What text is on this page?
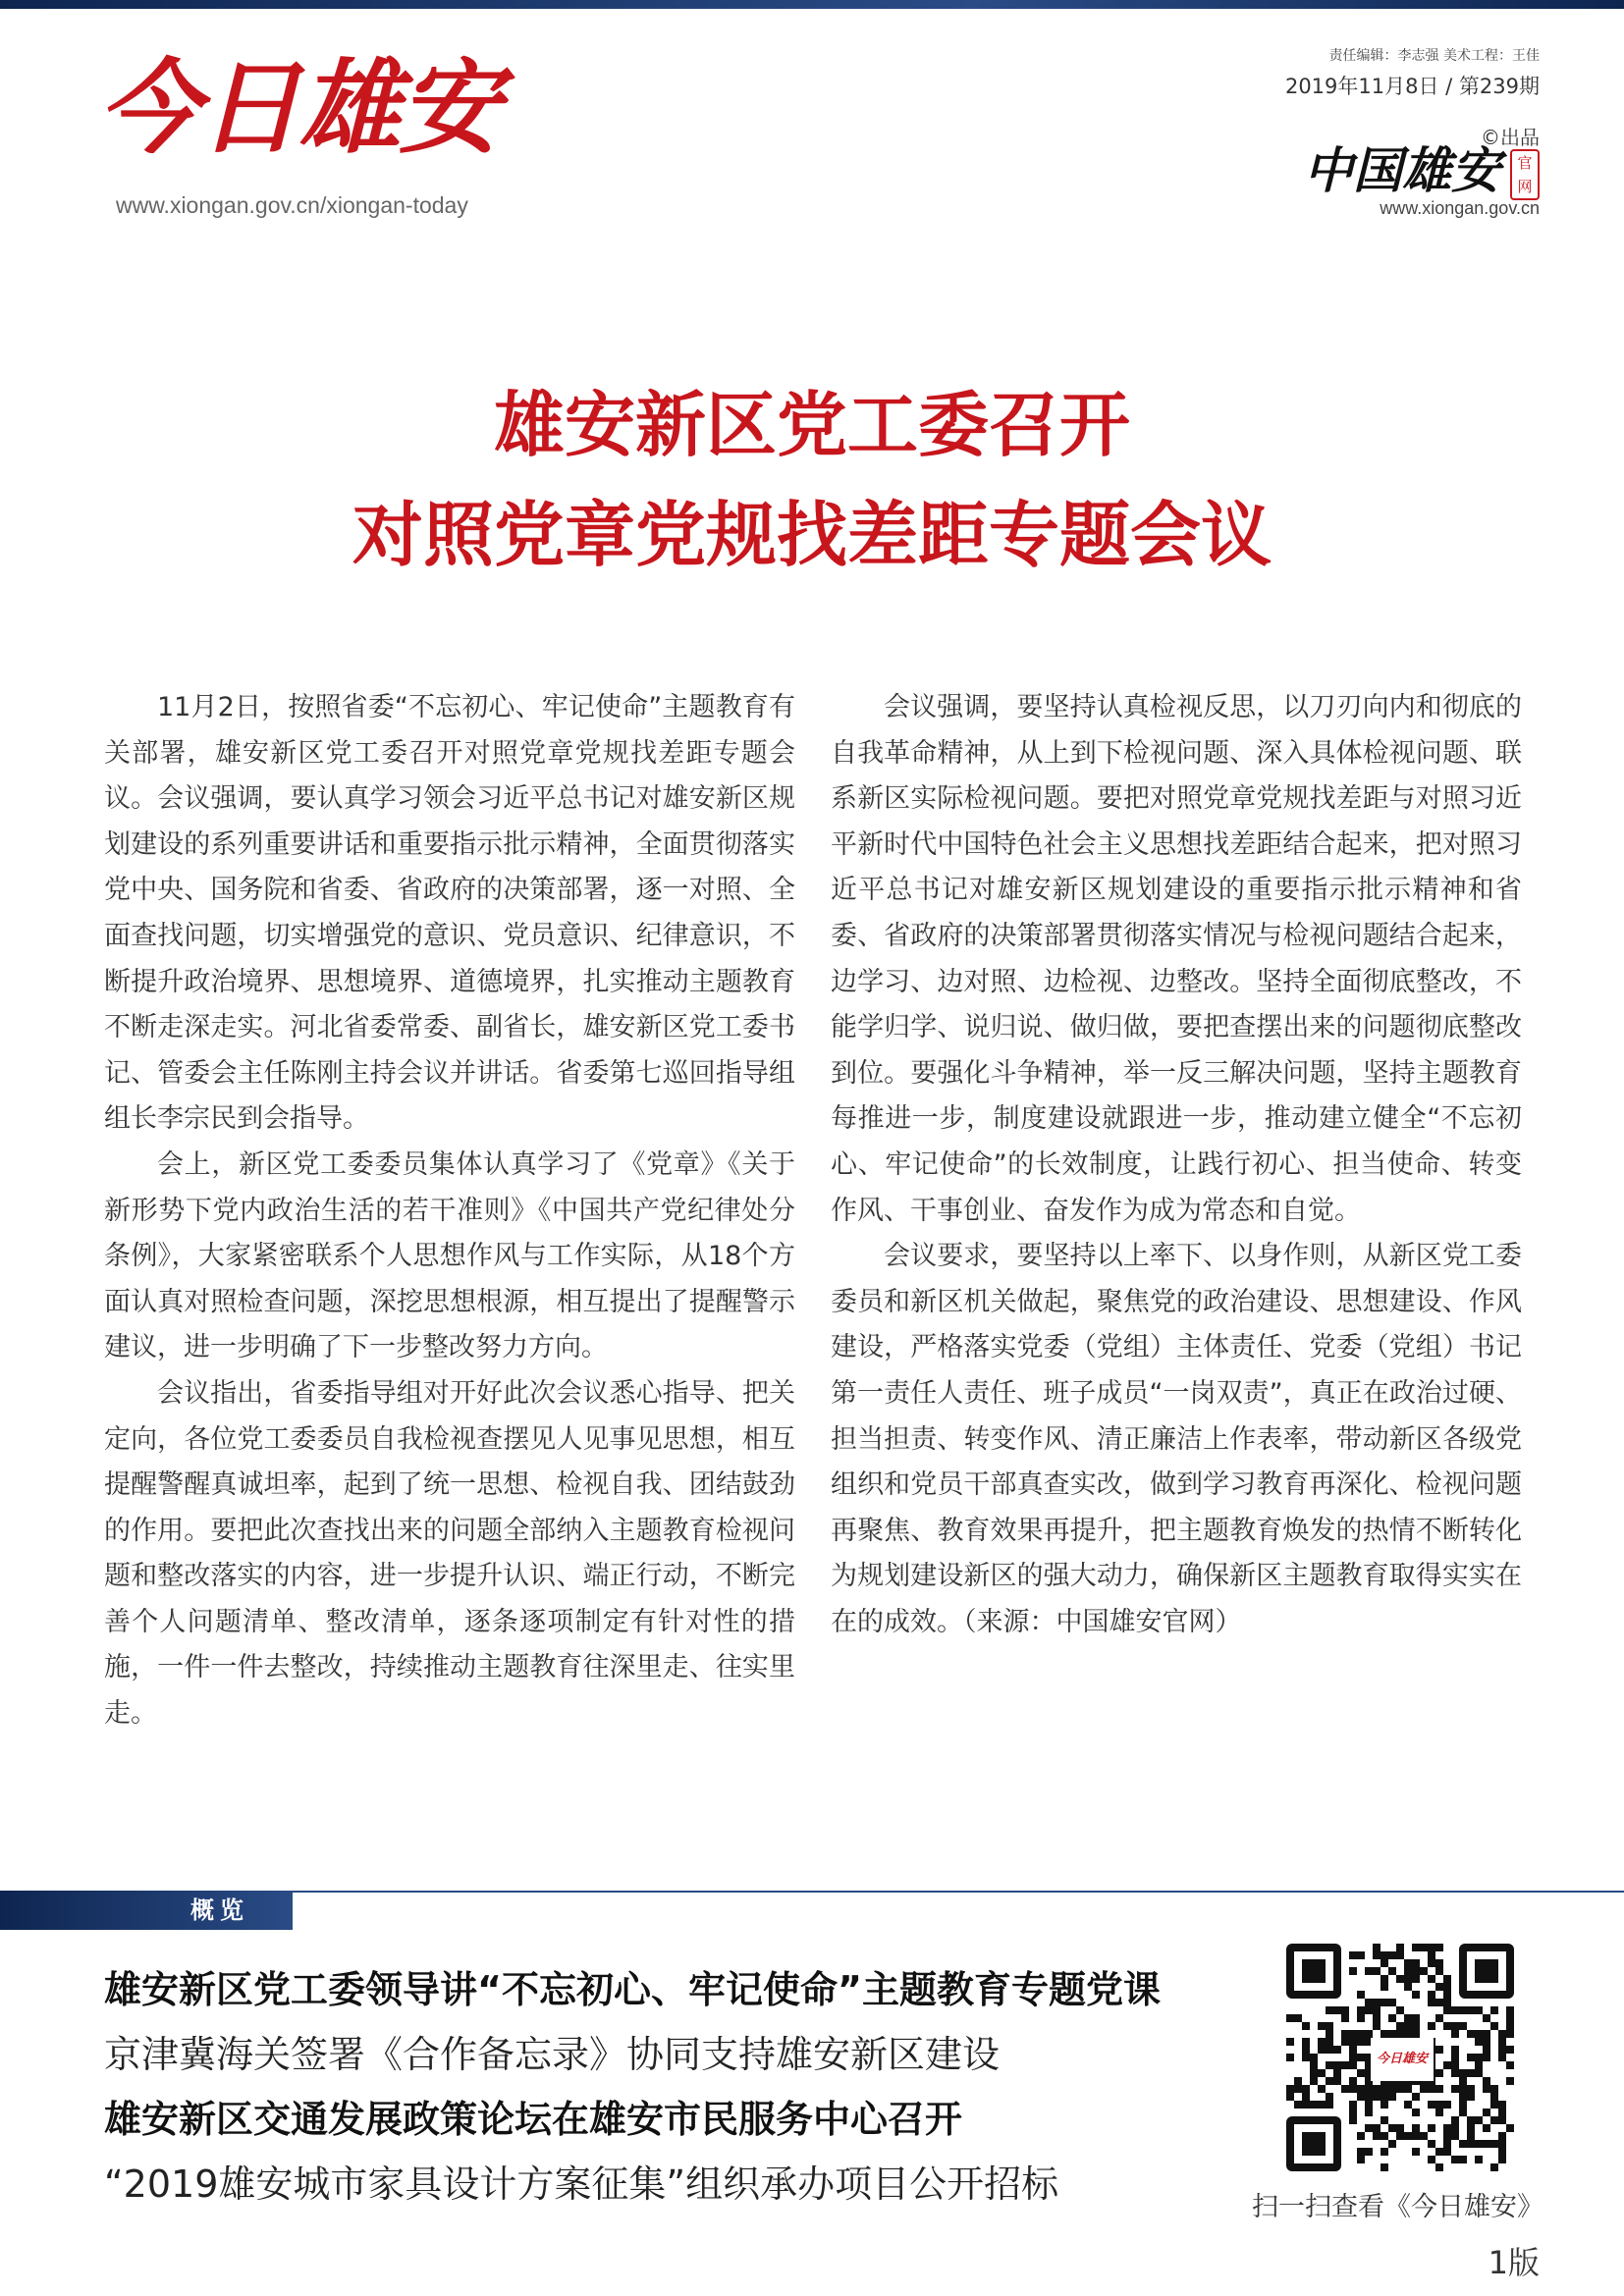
今日雄安
www.xiongan.gov.cn/xiongan-today
责任编辑：李志强 美术工程：王佳
2019年11月8日 / 第239期
©出品
中国雄安	官网
www.xiongan.gov.cn
雄安新区党工委召开
对照党章党规找差距专题会议

11月2日，按照省委“不忘初心、牢记使命”主题教育有关部署，雄安新区党工委召开对照党章党规找差距专题会议。会议强调，要认真学习领会习近平总书记对雄安新区规划建设的系列重要讲话和重要指示批示精神，全面贯彻落实党中央、国务院和省委、省政府的决策部署，逐一对照、全面查找问题，切实增强党的意识、党员意识、纪律意识，不断提升政治境界、思想境界、道德境界，扎实推动主题教育不断走深走实。河北省委常委、副省长，雄安新区党工委书记、管委会主任陈刚主持会议并讲话。省委第七巡回指导组组长李宗民到会指导。

会上，新区党工委委员集体认真学习了《党章》《关于新形势下党内政治生活的若干准则》《中国共产党纪律处分条例》，大家紧密联系个人思想作风与工作实际，从18个方面认真对照检查问题，深挖思想根源，相互提出了提醒警示建议，进一步明确了下一步整改努力方向。

会议指出，省委指导组对开好此次会议悉心指导、把关定向，各位党工委委员自我检视查摆见人见事见思想，相互提醒警醒真诚坦率，起到了统一思想、检视自我、团结鼓劲的作用。要把此次查找出来的问题全部纳入主题教育检视问题和整改落实的内容，进一步提升认识、端正行动，不断完善个人问题清单、整改清单，逐条逐项制定有针对性的措施，一件一件去整改，持续推动主题教育往深里走、往实里走。

会议强调，要坚持认真检视反思，以刀刃向内和彻底的自我革命精神，从上到下检视问题、深入具体检视问题、联系新区实际检视问题。要把对照党章党规找差距与对照习近平新时代中国特色社会主义思想找差距结合起来，把对照习近平总书记对雄安新区规划建设的重要指示批示精神和省委、省政府的决策部署贯彻落实情况与检视问题结合起来，边学习、边对照、边检视、边整改。坚持全面彻底整改，不能学归学、说归说、做归做，要把查摆出来的问题彻底整改到位。要强化斗争精神，举一反三解决问题，坚持主题教育每推进一步，制度建设就跟进一步，推动建立健全“不忘初心、牢记使命”的长效制度，让践行初心、担当使命、转变作风、干事创业、奋发作为成为常态和自觉。

会议要求，要坚持以上率下、以身作则，从新区党工委委员和新区机关做起，聚焦党的政治建设、思想建设、作风建设，严格落实党委（党组）主体责任、党委（党组）书记第一责任人责任、班子成员“一岗双责”，真正在政治过硬、担当担责、转变作风、清正廉洁上作表率，带动新区各级党组织和党员干部真查实改，做到学习教育再深化、检视问题再聚焦、教育效果再提升，把主题教育焕发的热情不断转化为规划建设新区的强大动力，确保新区主题教育取得实实在在的成效。（来源：中国雄安官网）

概览
雄安新区党工委领导讲“不忘初心、牢记使命”主题教育专题党课
京津冀海关签署《合作备忘录》协同支持雄安新区建设
雄安新区交通发展政策论坛在雄安市民服务中心召开
“2019雄安城市家具设计方案征集”组织承办项目公开招标
今日雄安
扫一扫查看《今日雄安》
1版
